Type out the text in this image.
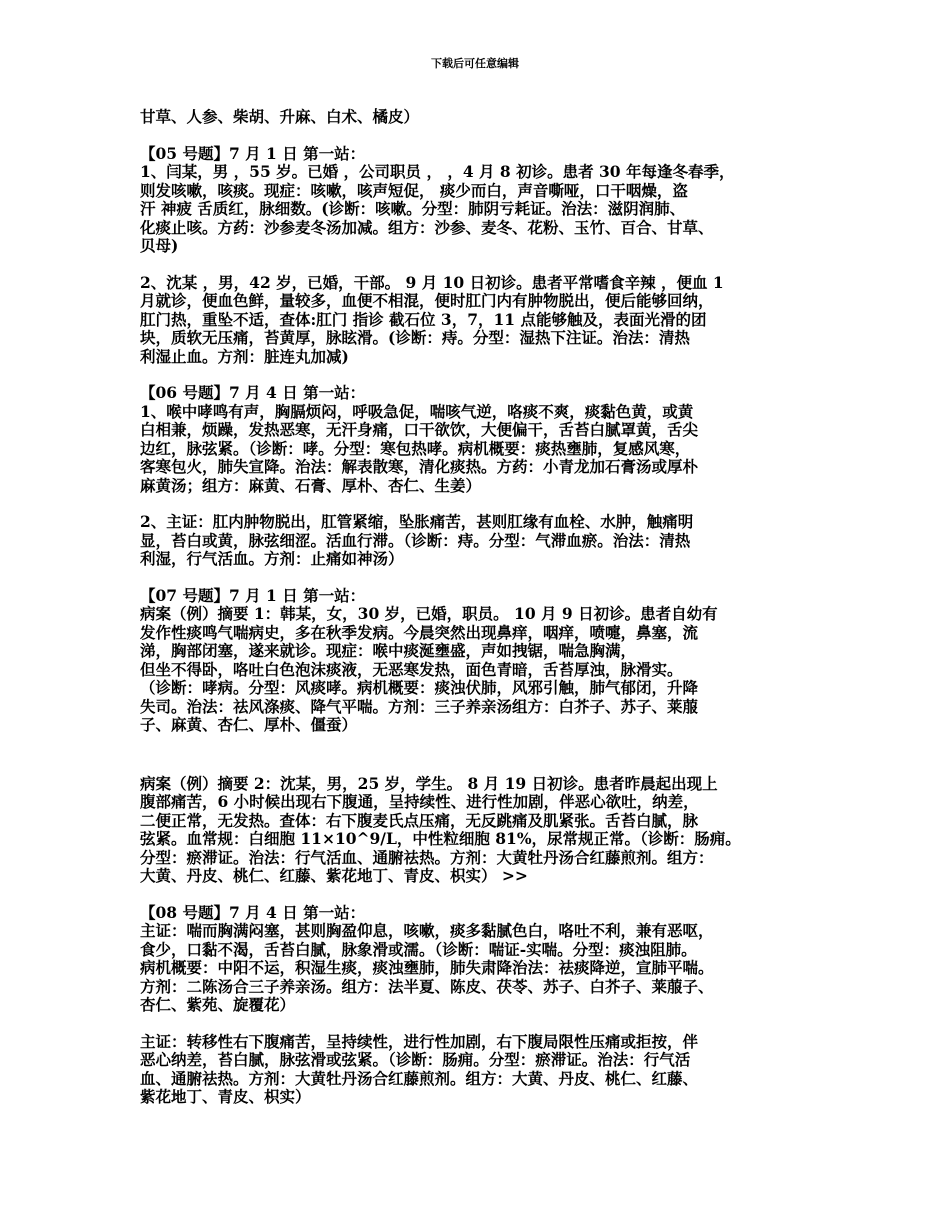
下载后可任意编辑
甘草、人参、柴胡、升麻、白术、橘皮）
【05 号题】7 月 1 日 第一站：
1、闫某，男 ，55 岁。已婚 ，公司职员 ， ，4 月 8 初诊。患者 30 年每逢冬春季，
则发咳嗽，咳痰。现症：咳嗽，咳声短促， 痰少而白，声音嘶哑，口干咽燥，盗
汗 神疲 舌质红，脉细数。(诊断：咳嗽。分型：肺阴亏耗证。治法：滋阴润肺、
化痰止咳。方药：沙参麦冬汤加减。组方：沙参、麦冬、花粉、玉竹、百合、甘草、
贝母)
2、沈某 ，男，42 岁，已婚，干部。 9 月 10 日初诊。患者平常嗜食辛辣 ，便血 1
月就诊，便血色鲜，量较多，血便不相混，便时肛门内有肿物脱出，便后能够回纳，
肛门热，重坠不适，查体:肛门 指诊 截石位 3，7，11 点能够触及，表面光滑的团
块，质软无压痛，苔黄厚，脉眩滑。(诊断：痔。分型：湿热下注证。治法：清热
利湿止血。方剂：脏连丸加减)
【06 号题】7 月 4 日 第一站：
1、喉中哮鸣有声，胸膈烦闷，呼吸急促，喘咳气逆，咯痰不爽，痰黏色黄，或黄
白相兼，烦躁，发热恶寒，无汗身痛，口干欲饮，大便偏干，舌苔白腻罩黄，舌尖
边红，脉弦紧。（诊断：哮。分型：寒包热哮。病机概要：痰热壅肺，复感风寒，
客寒包火，肺失宣降。治法：解表散寒，清化痰热。方药：小青龙加石膏汤或厚朴
麻黄汤；组方：麻黄、石膏、厚朴、杏仁、生姜）
2、主证：肛内肿物脱出，肛管紧缩，坠胀痛苦，甚则肛缘有血栓、水肿，触痛明
显，苔白或黄，脉弦细涩。活血行滞。（诊断：痔。分型：气滞血瘀。治法：清热
利湿，行气活血。方剂：止痛如神汤）
【07 号题】7 月 1 日 第一站：
病案（例）摘要 1：韩某，女，30 岁，已婚，职员。 10 月 9 日初诊。患者自幼有
发作性痰鸣气喘病史，多在秋季发病。今晨突然出现鼻痒，咽痒，喷嚏，鼻塞，流
涕，胸部闭塞，遂来就诊。现症：喉中痰涎壅盛，声如拽锯，喘急胸满，
但坐不得卧，咯吐白色泡沫痰液，无恶寒发热，面色青暗，舌苔厚浊，脉滑实。
（诊断：哮病。分型：风痰哮。病机概要：痰浊伏肺，风邪引触，肺气郁闭，升降
失司。治法：祛风涤痰、降气平喘。方剂：三子养亲汤组方：白芥子、苏子、莱菔
子、麻黄、杏仁、厚朴、僵蚕）
病案（例）摘要 2：沈某，男，25 岁，学生。 8 月 19 日初诊。患者昨晨起出现上
腹部痛苦，6 小时候出现右下腹通，呈持续性、进行性加剧，伴恶心欲吐，纳差，
二便正常，无发热。查体：右下腹麦氏点压痛，无反跳痛及肌紧张。舌苔白腻，脉
弦紧。血常规：白细胞 11×10^9/L，中性粒细胞 81%，尿常规正常。（诊断：肠痈。
分型：瘀滞证。治法：行气活血、通腑祛热。方剂：大黄牡丹汤合红藤煎剂。组方：
大黄、丹皮、桃仁、红藤、紫花地丁、青皮、枳实） >>
【08 号题】7 月 4 日 第一站：
主证：喘而胸满闷塞，甚则胸盈仰息，咳嗽，痰多黏腻色白，咯吐不利，兼有恶呕，
食少，口黏不渴，舌苔白腻，脉象滑或濡。（诊断：喘证-实喘。分型：痰浊阻肺。
病机概要：中阳不运，积湿生痰，痰浊壅肺，肺失肃降治法：祛痰降逆，宣肺平喘。
方剂：二陈汤合三子养亲汤。组方：法半夏、陈皮、茯苓、苏子、白芥子、莱菔子、
杏仁、紫苑、旋覆花）
主证：转移性右下腹痛苦，呈持续性，进行性加剧，右下腹局限性压痛或拒按，伴
恶心纳差，苔白腻，脉弦滑或弦紧。（诊断：肠痈。分型：瘀滞证。治法：行气活
血、通腑祛热。方剂：大黄牡丹汤合红藤煎剂。组方：大黄、丹皮、桃仁、红藤、
紫花地丁、青皮、枳实）
